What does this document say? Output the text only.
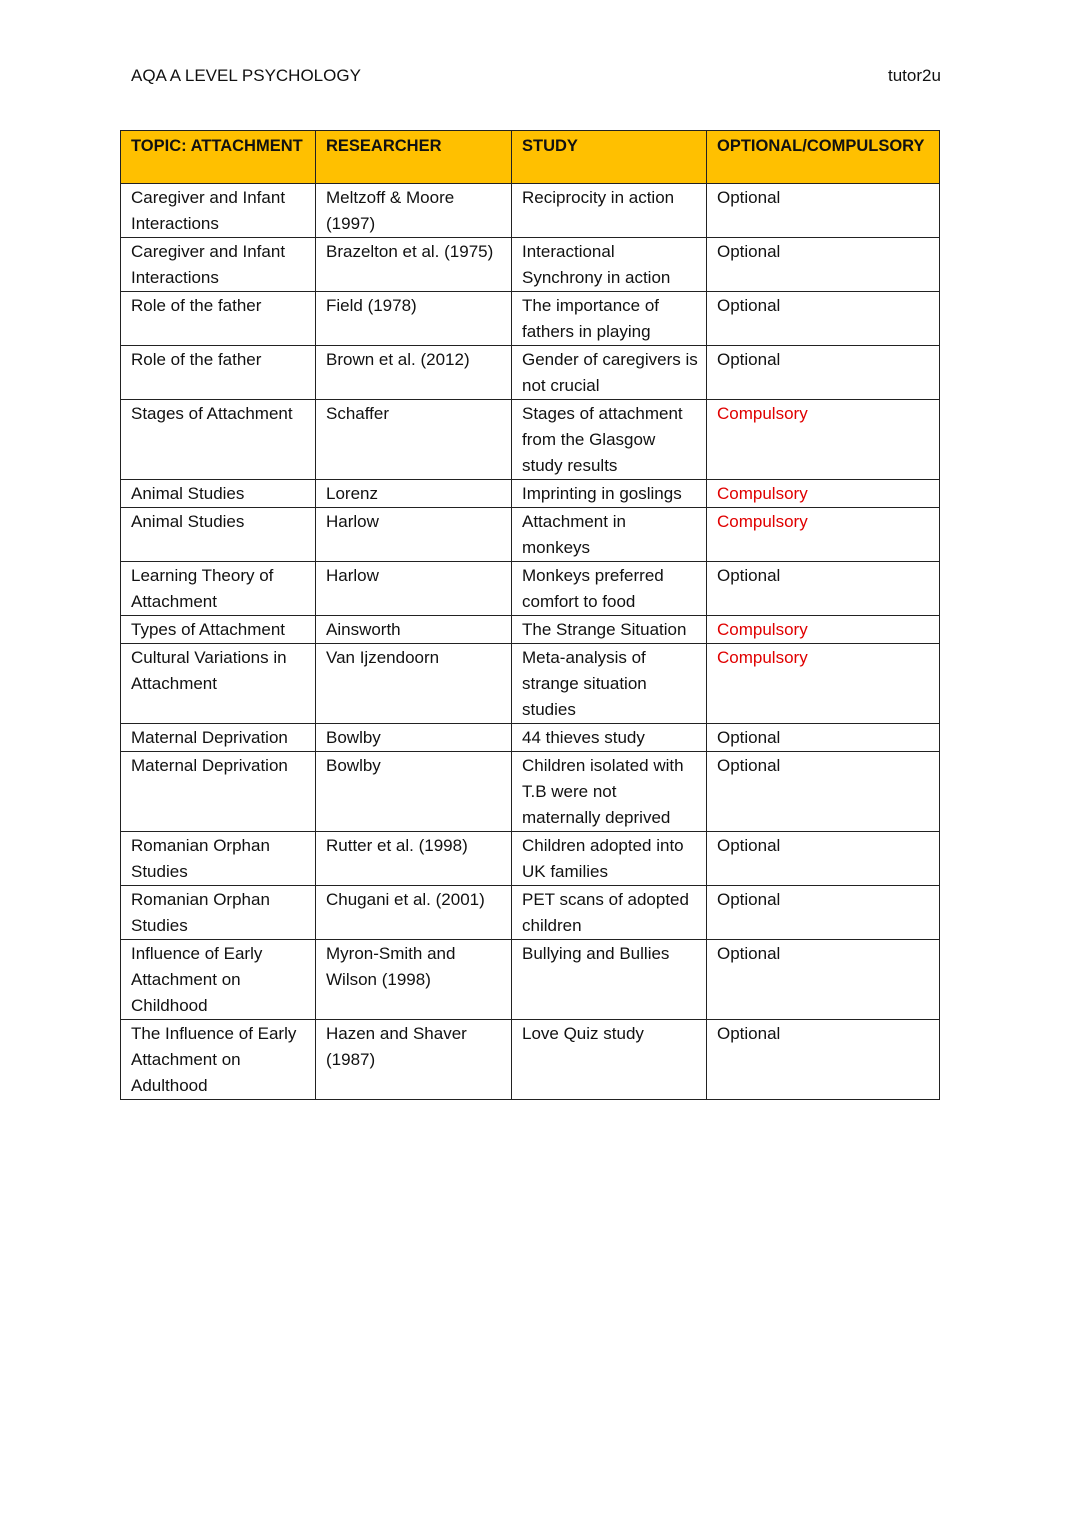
AQA A LEVEL PSYCHOLOGY	tutor2u
TOPIC: ATTACHMENT	RESEARCHER	STUDY	OPTIONAL/COMPULSORY
Caregiver and Infant Interactions	Meltzoff & Moore (1997)	Reciprocity in action	Optional
Caregiver and Infant Interactions	Brazelton et al. (1975)	Interactional Synchrony in action	Optional
Role of the father	Field (1978)	The importance of fathers in playing	Optional
Role of the father	Brown et al. (2012)	Gender of caregivers is not crucial	Optional
Stages of Attachment	Schaffer	Stages of attachment from the Glasgow study results	Compulsory
Animal Studies	Lorenz	Imprinting in goslings	Compulsory
Animal Studies	Harlow	Attachment in monkeys	Compulsory
Learning Theory of Attachment	Harlow	Monkeys preferred comfort to food	Optional
Types of Attachment	Ainsworth	The Strange Situation	Compulsory
Cultural Variations in Attachment	Van Ijzendoorn	Meta-analysis of strange situation studies	Compulsory
Maternal Deprivation	Bowlby	44 thieves study	Optional
Maternal Deprivation	Bowlby	Children isolated with T.B were not maternally deprived	Optional
Romanian Orphan Studies	Rutter et al. (1998)	Children adopted into UK families	Optional
Romanian Orphan Studies	Chugani et al. (2001)	PET scans of adopted children	Optional
Influence of Early Attachment on Childhood	Myron-Smith and Wilson (1998)	Bullying and Bullies	Optional
The Influence of Early Attachment on Adulthood	Hazen and Shaver (1987)	Love Quiz study	Optional
